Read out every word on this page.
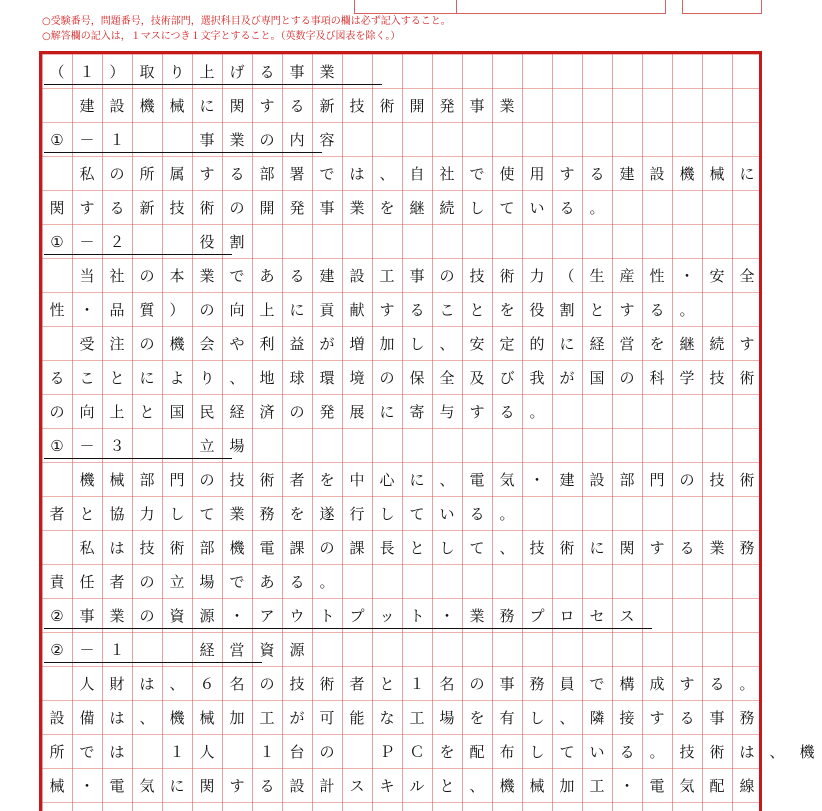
○受験番号，問題番号，技術部門，選択科目及び専門とする事項の欄は必ず記入すること。
○解答欄の記入は，１マスにつき１文字とすること。（英数字及び図表を除く。）
（ １ ） 取 り 上 げ る 事 業
建 設 機 械 に 関 す る 新 技 術 開 発 事 業
①	－ １	事 業 の 内 容
私 の 所 属 す る 部 署 で は 、 自 社 で 使 用 す る 建 設 機 械 に
関 す る 新 技 術 の 開 発 事 業 を 継 続 し て い る 。
①	－ ２	役 割
当 社 の 本 業 で あ る 建 設 工 事 の 技 術 力 （ 生 産 性 ・ 安 全
性 ・ 品 質 ） の 向 上 に 貢 献 す る こ と を 役 割 と す る 。
受 注 の 機 会 や 利 益 が 増 加 し 、 安 定 的 に 経 営 を 継 続 す
る こ と に よ り 、 地 球 環 境 の 保 全 及 び 我 が 国 の 科 学 技 術
の 向 上 と 国 民 経 済 の 発 展 に 寄 与 す る 。
①	－ ３	立 場
機 械 部 門 の 技 術 者 を 中 心 に 、 電 気 ・ 建 設 部 門 の 技 術
者 と 協 力 し て 業 務 を 遂 行 し て い る 。
私 は 技 術 部 機 電 課 の 課 長 と し て 、 技 術 に 関 す る 業 務
責 任 者 の 立 場 で あ る 。
②	事 業 の 資 源 ・ ア ウ ト プ ッ ト ・ 業 務 プ ロ セ ス
②	－ １	経 営 資 源
人 財 は 、 ６ 名 の 技 術 者 と １ 名 の 事 務 員 で 構 成 す る 。
設 備 は 、 機 械 加 工 が 可 能 な 工 場 を 有 し 、 隣 接 す る 事 務
所 で は	１ 人	１ 台 の	Ｐ Ｃ を 配 布 し て い る 。 技 術 は 、 機
械 ・ 電 気 に 関 す る 設 計 ス キ ル と 、 機 械 加 工 ・ 電 気 配 線
